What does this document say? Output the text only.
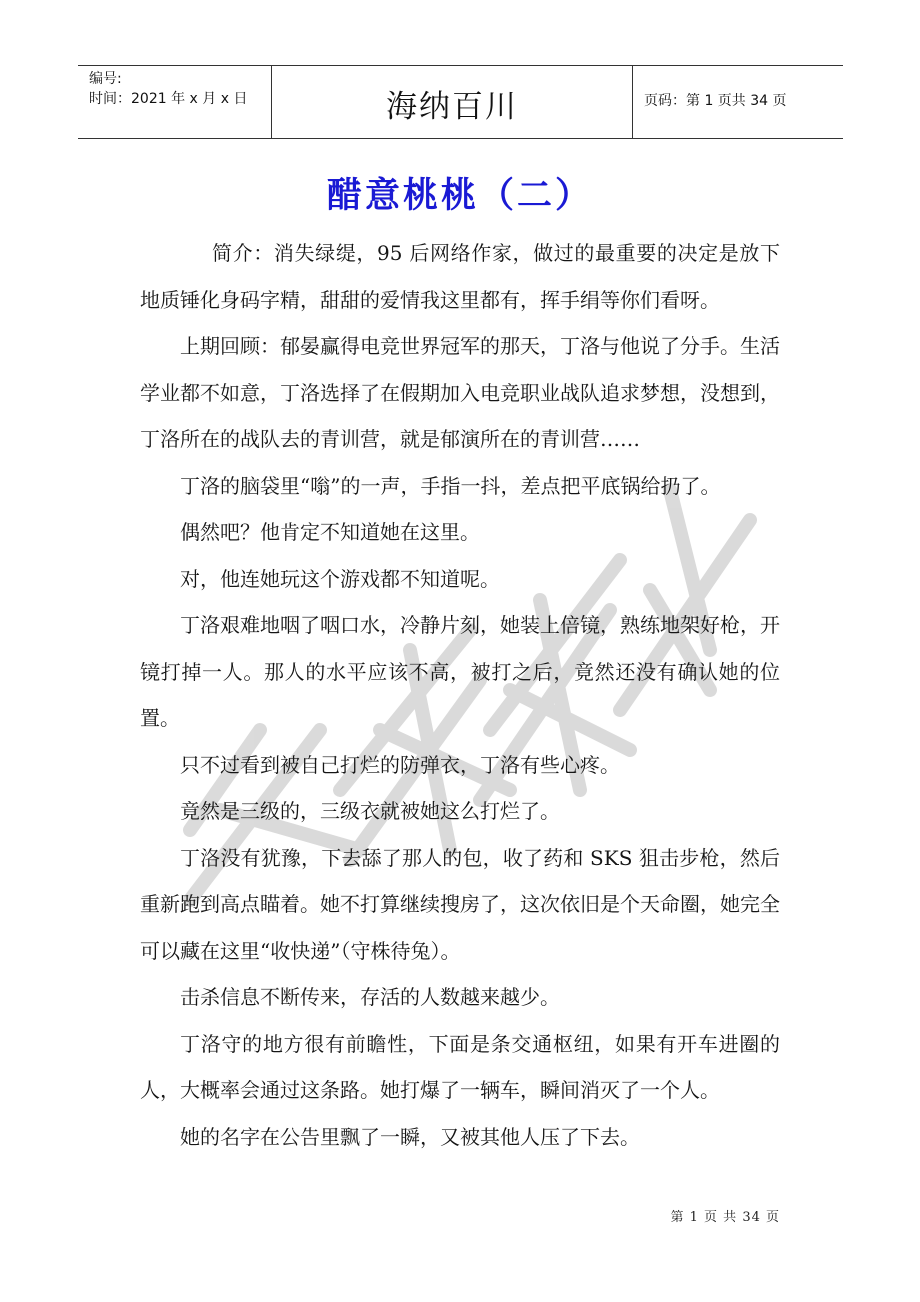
编号:
时间：2021 年 x 月 x 日	海纳百川	页码：第 1 页共 34 页
醋意桃桃（二）

简介：消失绿缇，95 后网络作家，做过的最重要的决定是放下地质锤化身码字精，甜甜的爱情我这里都有，挥手绢等你们看呀。

上期回顾：郁晏赢得电竞世界冠军的那天，丁洛与他说了分手。生活学业都不如意，丁洛选择了在假期加入电竞职业战队追求梦想，没想到，丁洛所在的战队去的青训营，就是郁演所在的青训营……

丁洛的脑袋里“嗡”的一声，手指一抖，差点把平底锅给扔了。

偶然吧？他肯定不知道她在这里。

对，他连她玩这个游戏都不知道呢。

丁洛艰难地咽了咽口水，冷静片刻，她装上倍镜，熟练地架好枪，开镜打掉一人。那人的水平应该不高，被打之后，竟然还没有确认她的位置。

只不过看到被自己打烂的防弹衣，丁洛有些心疼。

竟然是三级的，三级衣就被她这么打烂了。

丁洛没有犹豫，下去舔了那人的包，收了药和 SKS 狙击步枪，然后重新跑到高点瞄着。她不打算继续搜房了，这次依旧是个天命圈，她完全可以藏在这里“收快递”（守株待兔）。

击杀信息不断传来，存活的人数越来越少。

丁洛守的地方很有前瞻性，下面是条交通枢纽，如果有开车进圈的人，大概率会通过这条路。她打爆了一辆车，瞬间消灭了一个人。

她的名字在公告里飘了一瞬，又被其他人压了下去。

第 1 页 共 34 页
